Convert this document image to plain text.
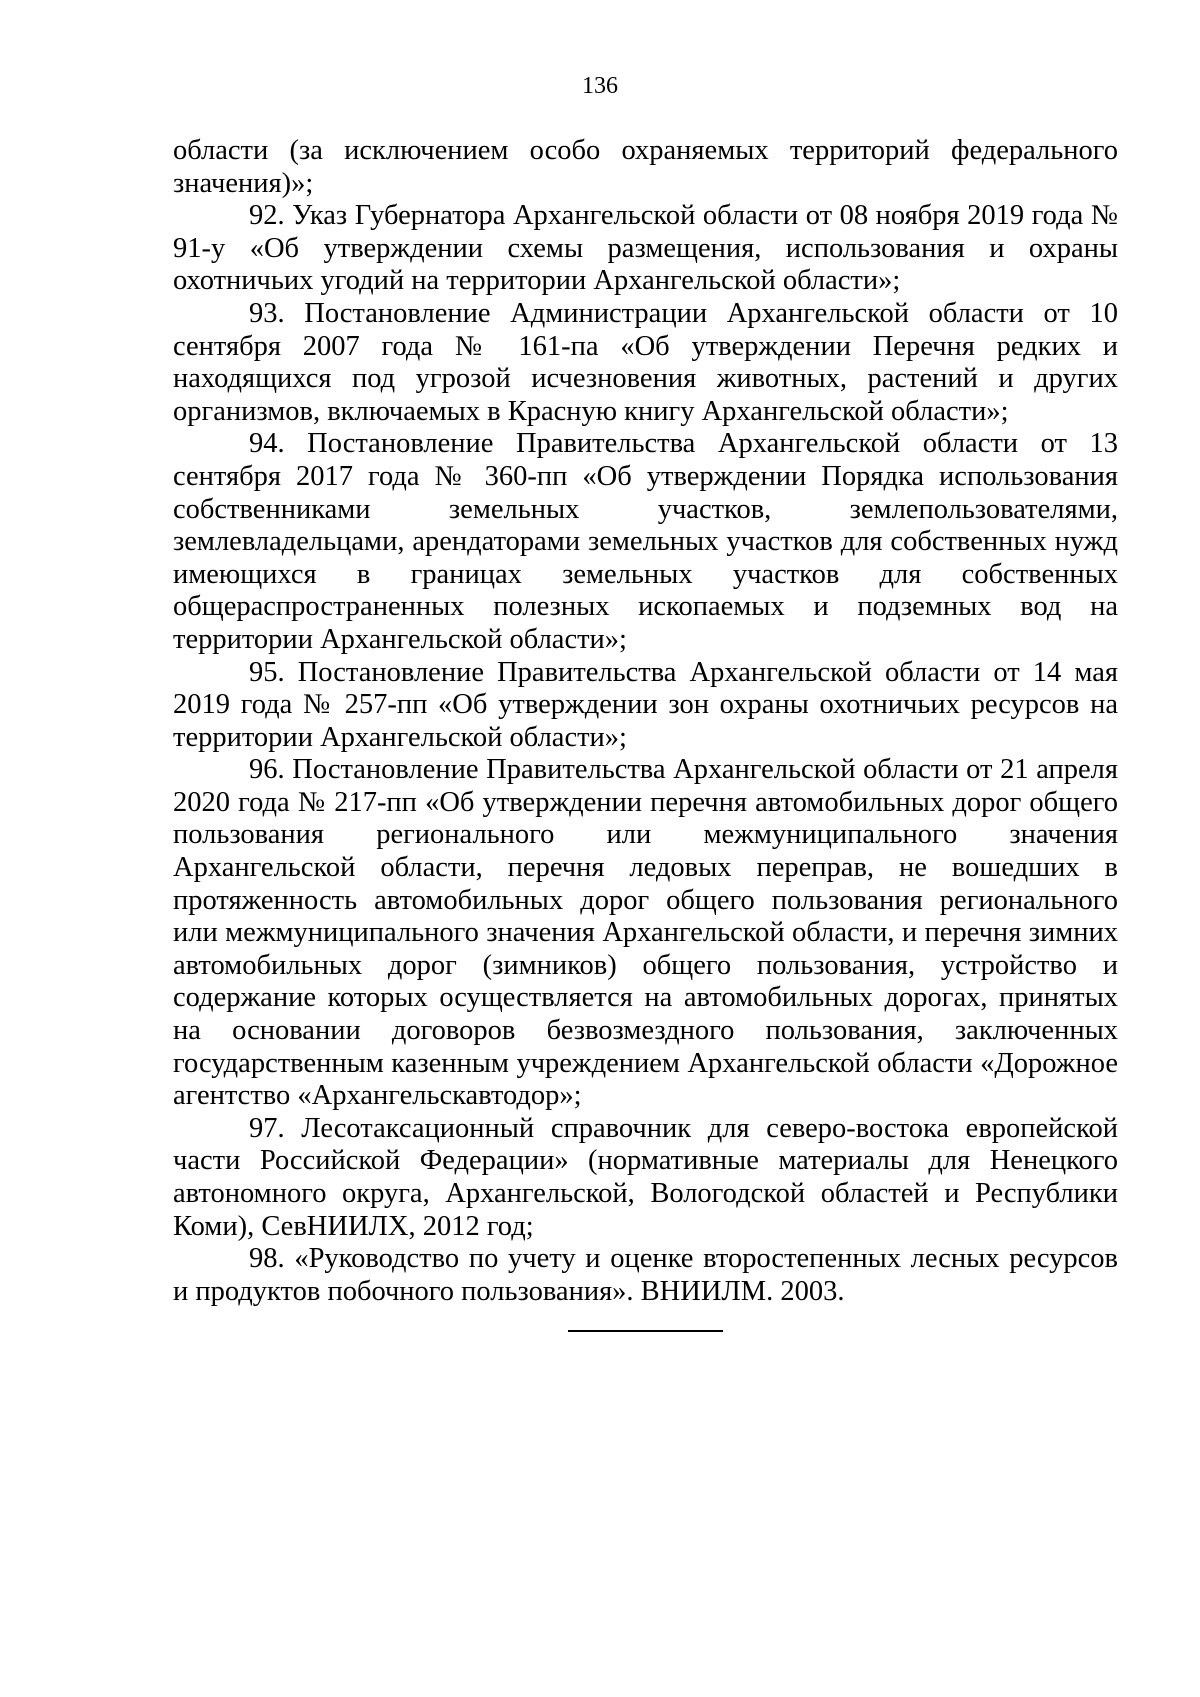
136

области (за исключением особо охраняемых территорий федерального значения)»;

92. Указ Губернатора Архангельской области от 08 ноября 2019 года № 91-у «Об утверждении схемы размещения, использования и охраны охотничьих угодий на территории Архангельской области»;

93. Постановление Администрации Архангельской области от 10 сентября 2007 года № 161-па «Об утверждении Перечня редких и находящихся под угрозой исчезновения животных, растений и других организмов, включаемых в Красную книгу Архангельской области»;

94. Постановление Правительства Архангельской области от 13 сентября 2017 года № 360-пп «Об утверждении Порядка использования собственниками земельных участков, землепользователями, землевладельцами, арендаторами земельных участков для собственных нужд имеющихся в границах земельных участков для собственных общераспространенных полезных ископаемых и подземных вод на территории Архангельской области»;

95. Постановление Правительства Архангельской области от 14 мая 2019 года № 257-пп «Об утверждении зон охраны охотничьих ресурсов на территории Архангельской области»;

96. Постановление Правительства Архангельской области от 21 апреля 2020 года № 217-пп «Об утверждении перечня автомобильных дорог общего пользования регионального или межмуниципального значения Архангельской области, перечня ледовых переправ, не вошедших в протяженность автомобильных дорог общего пользования регионального или межмуниципального значения Архангельской области, и перечня зимних автомобильных дорог (зимников) общего пользования, устройство и содержание которых осуществляется на автомобильных дорогах, принятых на основании договоров безвозмездного пользования, заключенных государственным казенным учреждением Архангельской области «Дорожное агентство «Архангельскавтодор»;

97. Лесотаксационный справочник для северо-востока европейской части Российской Федерации» (нормативные материалы для Ненецкого автономного округа, Архангельской, Вологодской областей и Республики Коми), СевНИИЛХ, 2012 год;

98. «Руководство по учету и оценке второстепенных лесных ресурсов и продуктов побочного пользования». ВНИИЛМ. 2003.
